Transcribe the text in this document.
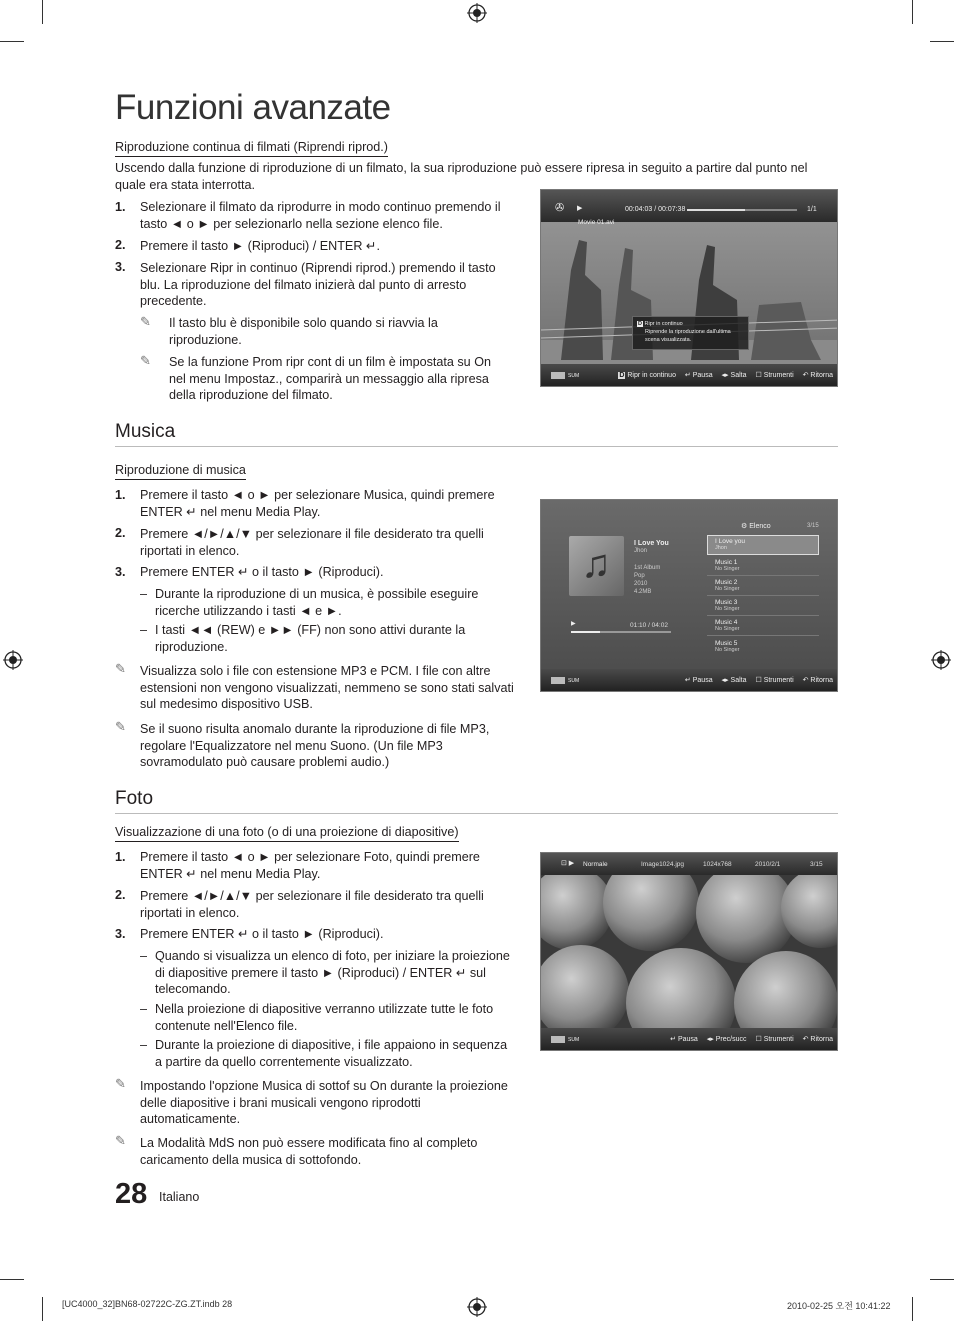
Funzioni avanzate
Riproduzione continua di filmati (Riprendi riprod.)
Uscendo dalla funzione di riproduzione di un filmato, la sua riproduzione può essere ripresa in seguito a partire dal punto nel quale era stata interrotta.
1. Selezionare il filmato da riprodurre in modo continuo premendo il tasto ◄ o ► per selezionarlo nella sezione elenco file.
2. Premere il tasto ► (Riproduci) / ENTER ↵.
3. Selezionare Ripr in continuo (Riprendi riprod.) premendo il tasto blu. La riproduzione del filmato inizierà dal punto di arresto precedente.
✎ Il tasto blu è disponibile solo quando si riavvia la riproduzione.
✎ Se la funzione Prom ripr cont di un film è impostata su On nel menu Impostaz., comparirà un messaggio alla ripresa della riproduzione del filmato.
✇ ▶	00:04:03 / 00:07:38	1/1
Movie 01.avi
D Ripr in continuo
Riprende la riproduzione dall'ultima scena visualizzata.
SUM	D Ripr in continuo ↵ Pausa ◂▸ Salta ☐ Strumenti ↶ Ritorna
Musica
Riproduzione di musica
1. Premere il tasto ◄ o ► per selezionare Musica, quindi premere ENTER ↵ nel menu Media Play.
2. Premere ◄/►/▲/▼ per selezionare il file desiderato tra quelli riportati in elenco.
3. Premere ENTER ↵ o il tasto ► (Riproduci).
– Durante la riproduzione di un musica, è possibile eseguire ricerche utilizzando i tasti ◄ e ►.
– I tasti ◄◄ (REW) e ►► (FF) non sono attivi durante la riproduzione.
✎ Visualizza solo i file con estensione MP3 e PCM. I file con altre estensioni non vengono visualizzati, nemmeno se sono stati salvati sul medesimo dispositivo USB.
✎ Se il suono risulta anomalo durante la riproduzione di file MP3, regolare l'Equalizzatore nel menu Suono. (Un file MP3 sovramodulato può causare problemi audio.)
⚙ Elenco	3/15
♫	I Love You
Jhon
1st Album
Pop
2010
4.2MB
▶	01:10 / 04:02
I Love you
Jhon
Music 1
No Singer
Music 2
No Singer
Music 3
No Singer
Music 4
No Singer
Music 5
No Singer
SUM	↵ Pausa ◂▸ Salta ☐ Strumenti ↶ Ritorna
Foto
Visualizzazione di una foto (o di una proiezione di diapositive)
1. Premere il tasto ◄ o ► per selezionare Foto, quindi premere ENTER ↵ nel menu Media Play.
2. Premere ◄/►/▲/▼ per selezionare il file desiderato tra quelli riportati in elenco.
3. Premere ENTER ↵ o il tasto ► (Riproduci).
– Quando si visualizza un elenco di foto, per iniziare la proiezione di diapositive premere il tasto ► (Riproduci) / ENTER ↵ sul telecomando.
– Nella proiezione di diapositive verranno utilizzate tutte le foto contenute nell'Elenco file.
– Durante la proiezione di diapositive, i file appaiono in sequenza a partire da quello correntemente visualizzato.
✎ Impostando l'opzione Musica di sottof su On durante la proiezione delle diapositive i brani musicali vengono riprodotti automaticamente.
✎ La Modalità MdS non può essere modificata fino al completo caricamento della musica di sottofondo.
⊡ ▶ Normale	Image1024.jpg	1024x768	2010/2/1	3/15
SUM	↵ Pausa ◂▸ Prec/succ ☐ Strumenti ↶ Ritorna
28 Italiano
[UC4000_32]BN68-02722C-ZG.ZT.indb 28	2010-02-25 오전 10:41:22
